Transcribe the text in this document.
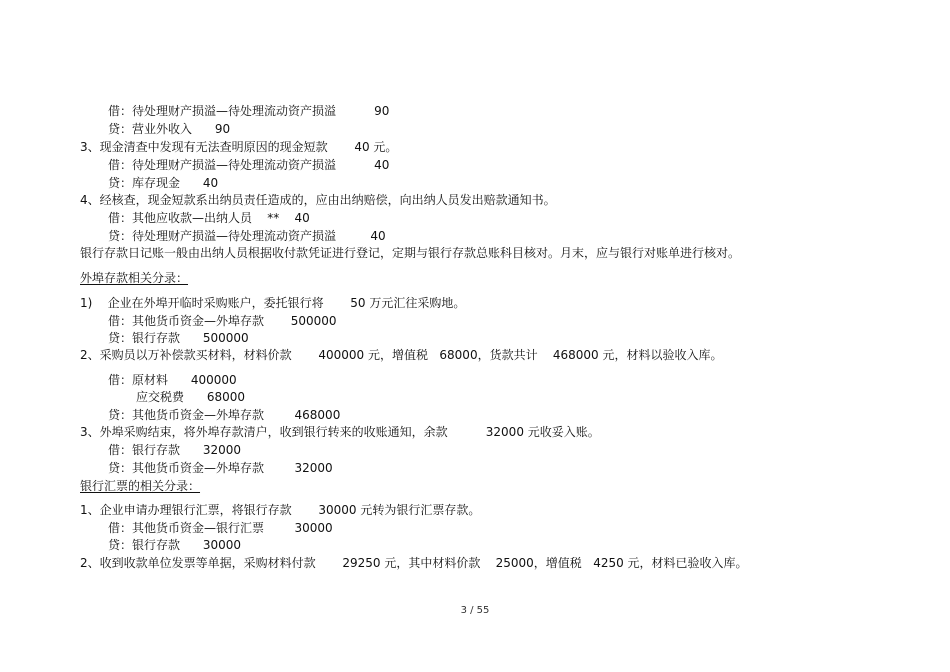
借：待处理财产损溢—待处理流动资产损溢          90
贷：营业外收入      90
3、现金清查中发现有无法查明原因的现金短款       40 元。
借：待处理财产损溢—待处理流动资产损溢          40
贷：库存现金      40
4、经核查，现金短款系出纳员责任造成的，应由出纳赔偿，向出纳人员发出赔款通知书。
借：其他应收款—出纳人员    **    40
贷：待处理财产损溢—待处理流动资产损溢         40
银行存款日记账一般由出纳人员根据收付款凭证进行登记，定期与银行存款总账科目核对。月末，应与银行对账单进行核对。
外埠存款相关分录：
1)    企业在外埠开临时采购账户，委托银行将       50 万元汇往采购地。
借：其他货币资金—外埠存款       500000
贷：银行存款      500000
2、采购员以万补偿款买材料，材料价款       400000 元，增值税   68000，货款共计    468000 元，材料以验收入库。
借：原材料      400000
应交税费      68000
贷：其他货币资金—外埠存款        468000
3、外埠采购结束，将外埠存款清户，收到银行转来的收账通知，余款          32000 元收妥入账。
借：银行存款      32000
贷：其他货币资金—外埠存款        32000
银行汇票的相关分录：
1、企业申请办理银行汇票，将银行存款       30000 元转为银行汇票存款。
借：其他货币资金—银行汇票        30000
贷：银行存款      30000
2、收到收款单位发票等单据，采购材料付款       29250 元，其中材料价款    25000，增值税   4250 元，材料已验收入库。
3 / 55
